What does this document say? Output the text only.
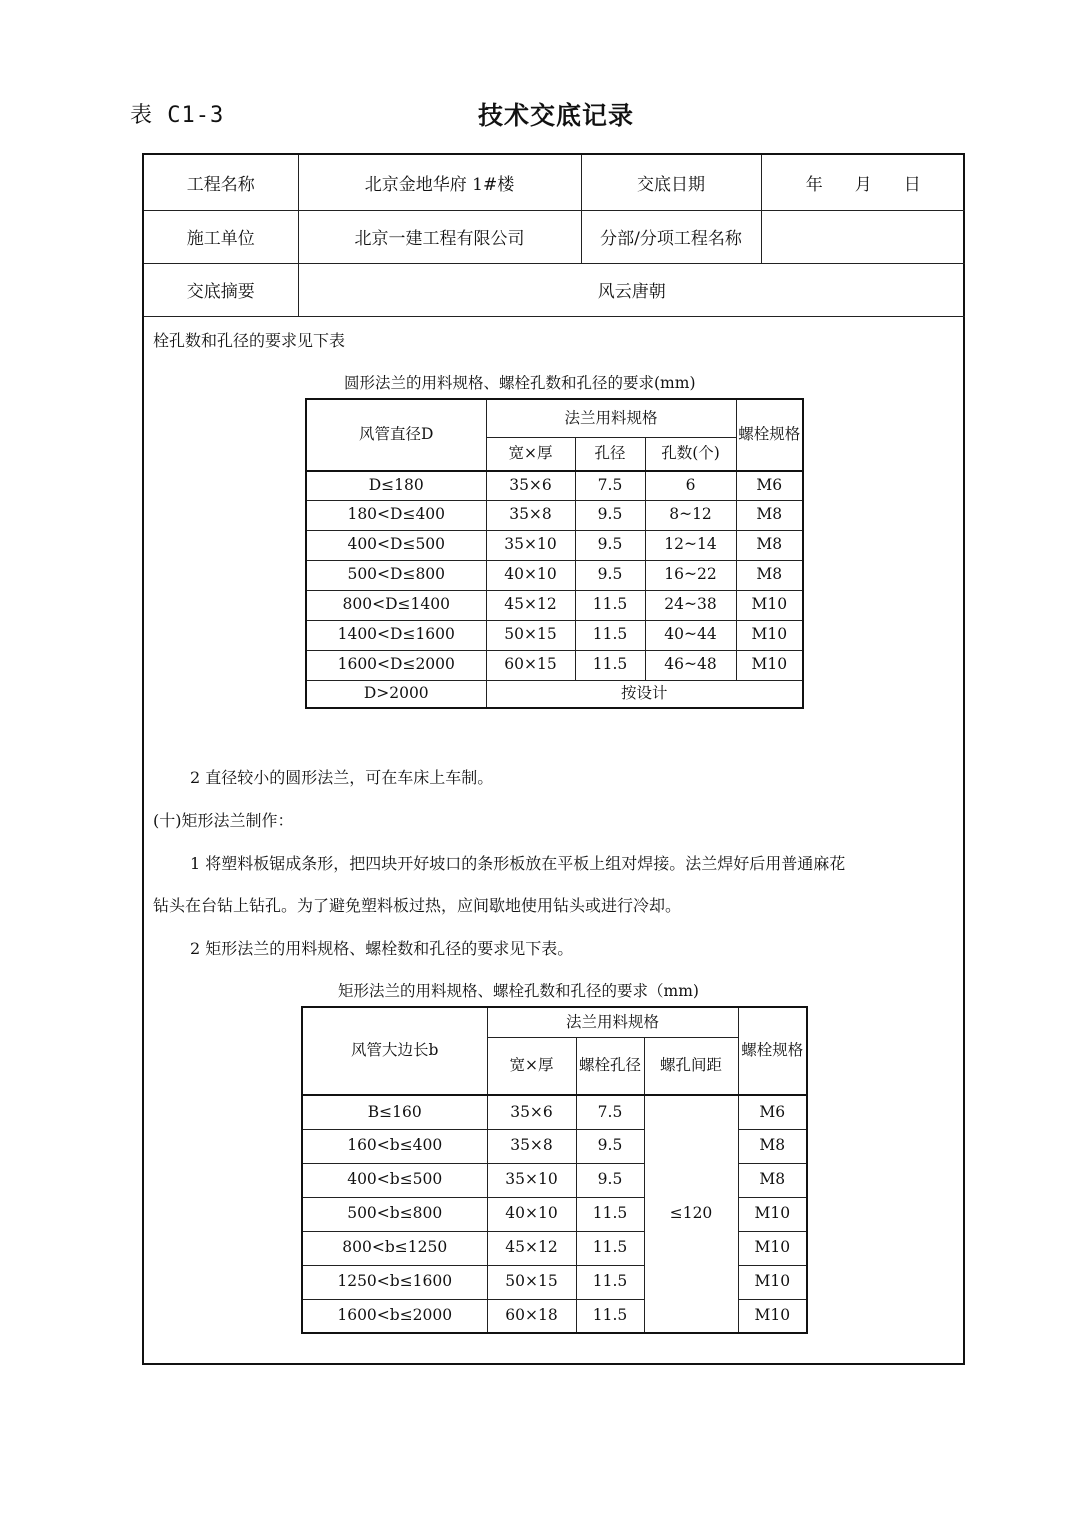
表 C1-3	技术交底记录
工程名称	北京金地华府 1#楼	交底日期	年 月 日
施工单位	北京一建工程有限公司	分部/分项工程名称	
交底摘要	风云唐朝		
栓孔数和孔径的要求见下表
圆形法兰的用料规格、螺栓孔数和孔径的要求(mm)
风管直径D	法兰用料规格			螺栓规格
	宽×厚	孔径	孔数(个)	
D≤180	35×6	7.5	6	M6
180<D≤400	35×8	9.5	8~12	M8
400<D≤500	35×10	9.5	12~14	M8
500<D≤800	40×10	9.5	16~22	M8
800<D≤1400	45×12	11.5	24~38	M10
1400<D≤1600	50×15	11.5	40~44	M10
1600<D≤2000	60×15	11.5	46~48	M10
D>2000	按设计			
2 直径较小的圆形法兰，可在车床上车制。
(十)矩形法兰制作：
1 将塑料板锯成条形，把四块开好坡口的条形板放在平板上组对焊接。法兰焊好后用普通麻花
钻头在台钻上钻孔。为了避免塑料板过热，应间歇地使用钻头或进行冷却。
2 矩形法兰的用料规格、螺栓数和孔径的要求见下表。
矩形法兰的用料规格、螺栓孔数和孔径的要求（mm)
风管大边长b	法兰用料规格			螺栓规格
	宽×厚	螺栓孔径	螺孔间距	
B≤160	35×6	7.5	≤120	M6
160<b≤400	35×8	9.5		M8
400<b≤500	35×10	9.5		M8
500<b≤800	40×10	11.5		M10
800<b≤1250	45×12	11.5		M10
1250<b≤1600	50×15	11.5		M10
1600<b≤2000	60×18	11.5		M10
